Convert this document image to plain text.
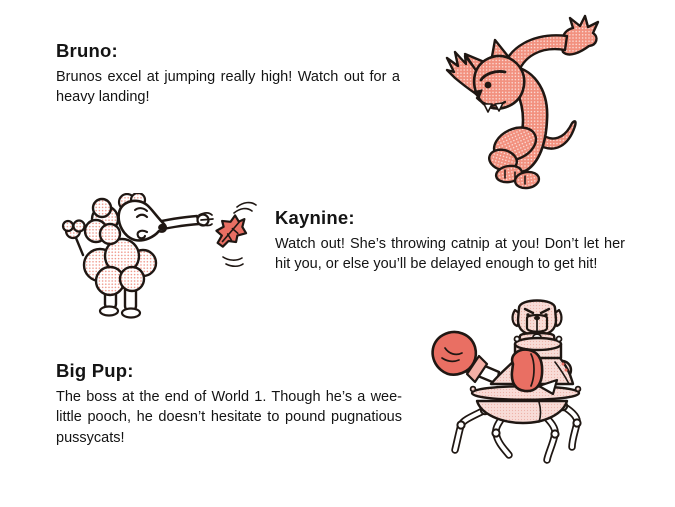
Bruno:

Brunos excel at jumping really high! Watch out for a heavy landing!

Kaynine:

Watch out! She’s throwing catnip at you! Don’t let her hit you, or else you’ll be delayed enough to get hit!

Big Pup:

The boss at the end of World 1. Though he’s a wee-little pooch, he doesn’t hesitate to pound pugnatious pussycats!
